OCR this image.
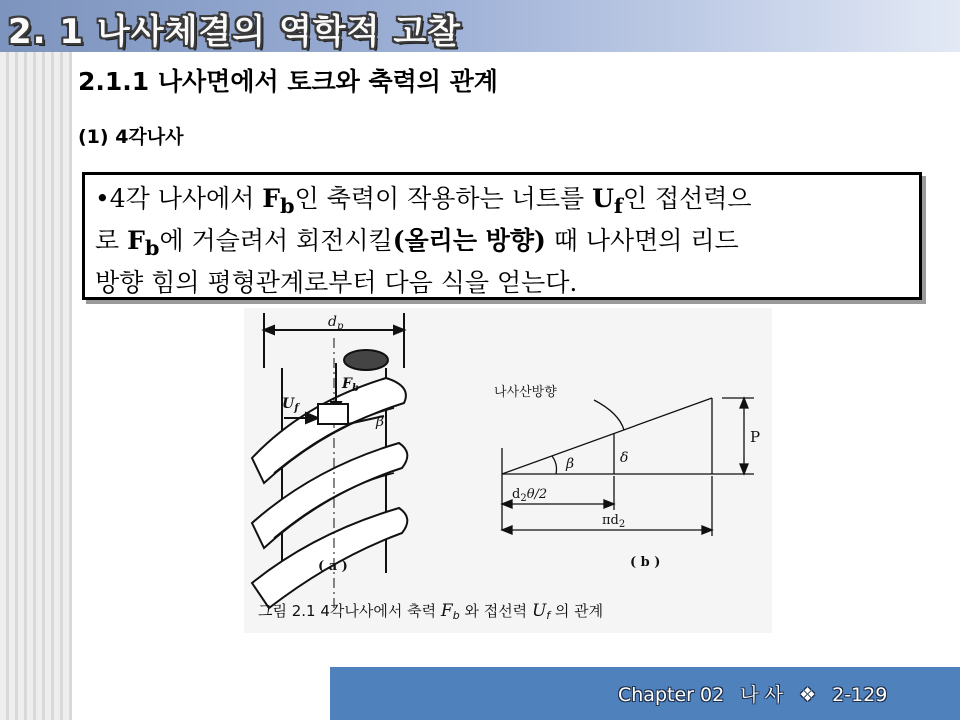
2. 1 나사체결의 역학적 고찰
2.1.1 나사면에서 토크와 축력의 관계
(1) 4각나사

•4각 나사에서 $F_b$인 축력이 작용하는 너트를 $U_f$인 접선력으

로 $F_b$에 거슬려서 회전시킬(올리는 방향) 때 나사면의 리드

방향 힘의 평형관계로부터 다음 식을 얻는다.

$d_p$
$F_b$
$U_f$
β
( a )
나사산방향
β	δ
P
$d_2\theta/2$
$\pi d_2$
( b )
그림 2.1 4각나사에서 축력 $F_b$ 와 접선력 $U_f$ 의 관계
Chapter 02 나 사 ❖ 2-129
